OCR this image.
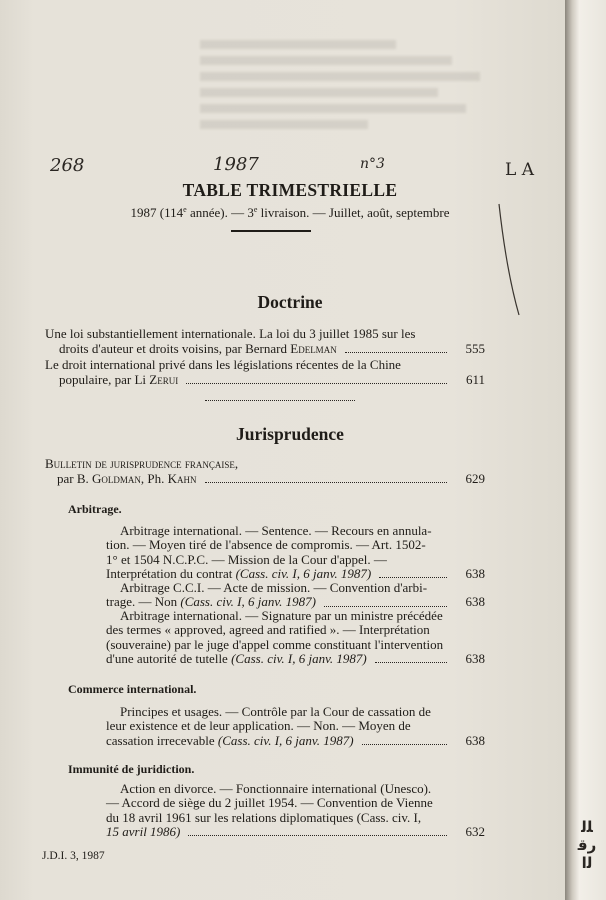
268	1987	n°3	L A
TABLE TRIMESTRIELLE
1987 (114e année). — 3e livraison. — Juillet, août, septembre
Doctrine
Une loi substantiellement internationale. La loi du 3 juillet 1985 sur les
droits d'auteur et droits voisins, par Bernard Edelman	555
Le droit international privé dans les législations récentes de la Chine
populaire, par Li Zerui	611
Jurisprudence
Bulletin de jurisprudence française,
par B. Goldman, Ph. Kahn	629
Arbitrage.
Arbitrage international. — Sentence. — Recours en annula-
tion. — Moyen tiré de l'absence de compromis. — Art. 1502-
1° et 1504 N.C.P.C. — Mission de la Cour d'appel. —
Interprétation du contrat (Cass. civ. I, 6 janv. 1987)	638
Arbitrage C.C.I. — Acte de mission. — Convention d'arbi-
trage. — Non (Cass. civ. I, 6 janv. 1987)	638
Arbitrage international. — Signature par un ministre précédée
des termes « approved, agreed and ratified ». — Interprétation
(souveraine) par le juge d'appel comme constituant l'intervention
d'une autorité de tutelle (Cass. civ. I, 6 janv. 1987)	638
Commerce international.
Principes et usages. — Contrôle par la Cour de cassation de
leur existence et de leur application. — Non. — Moyen de
cassation irrecevable (Cass. civ. I, 6 janv. 1987)	638
Immunité de juridiction.
Action en divorce. — Fonctionnaire international (Unesco).
— Accord de siège du 2 juillet 1954. — Convention de Vienne
du 18 avril 1961 sur les relations diplomatiques (Cass. civ. I,
15 avril 1986)	632
J.D.I. 3, 1987
ﻠﻟ
ﺭﻗ
ﻟﺍ
